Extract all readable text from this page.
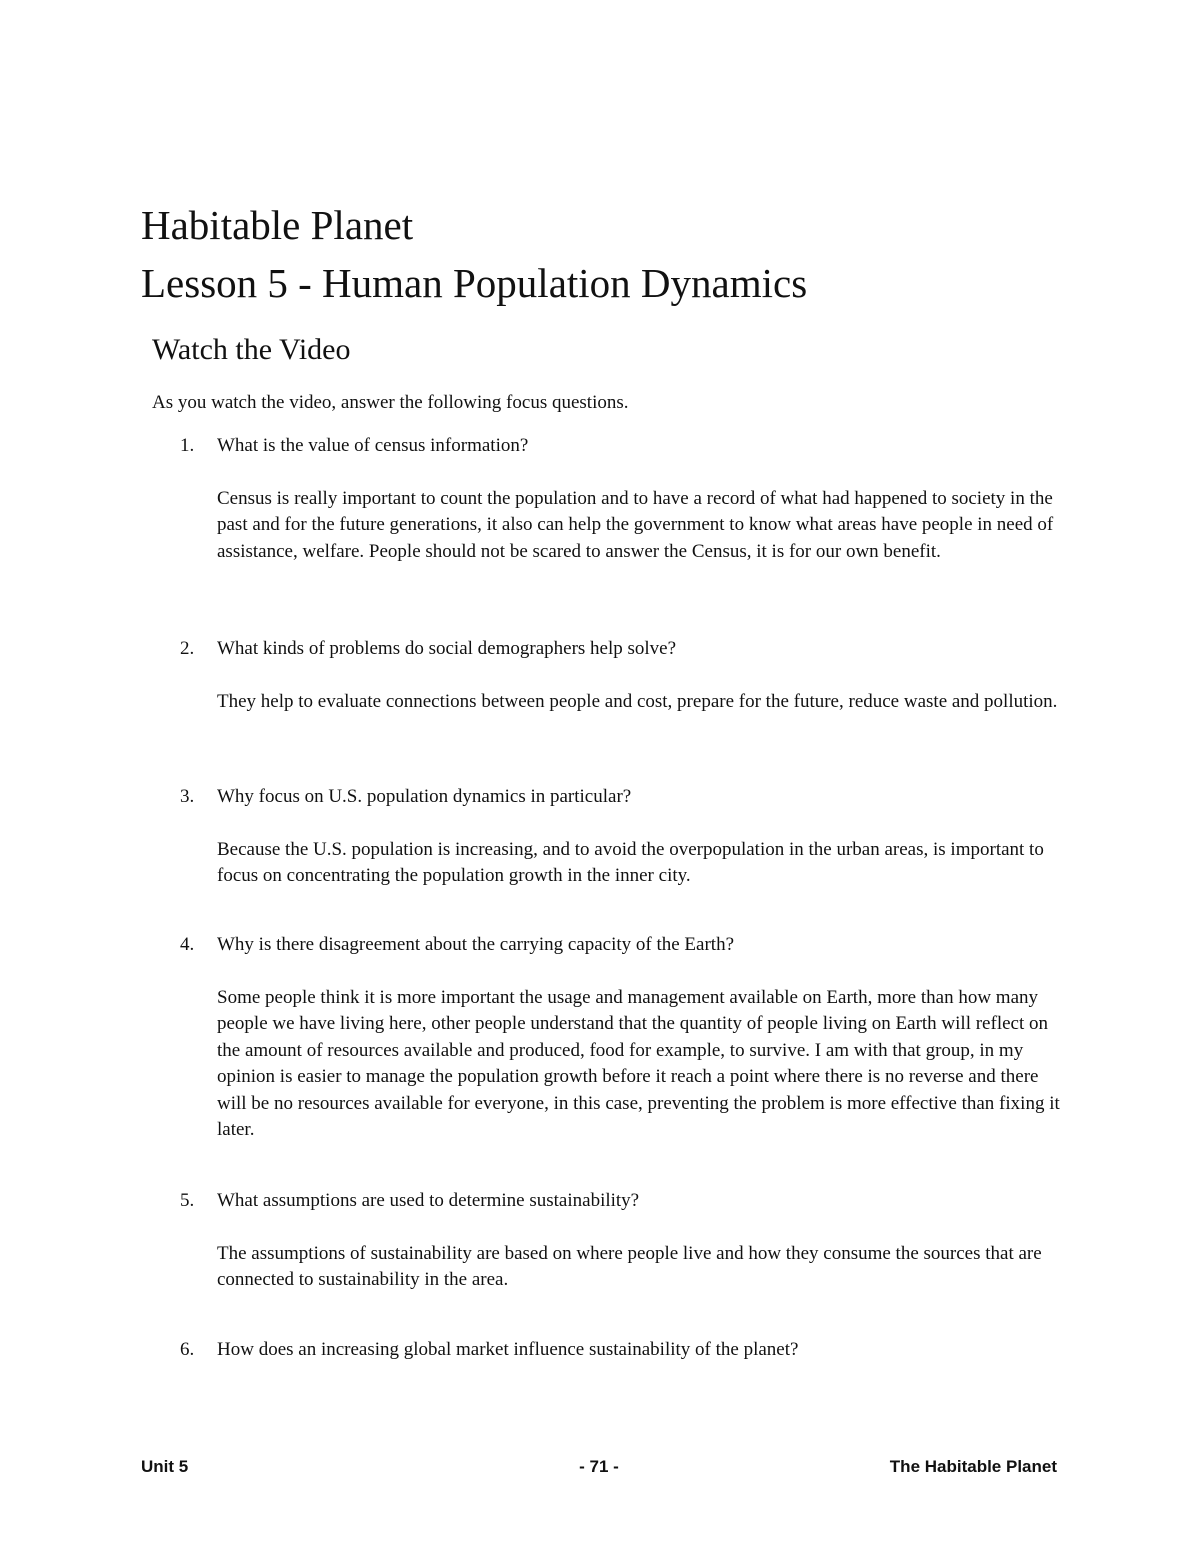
Habitable Planet
Lesson 5 - Human Population Dynamics
Watch the Video
As you watch the video, answer the following focus questions.
1. What is the value of census information?
Census is really important to count the population and to have a record of what had happened to society in the past and for the future generations, it also can help the government to know what areas have people in need of assistance, welfare. People should not be scared to answer the Census, it is for our own benefit.
2. What kinds of problems do social demographers help solve?
They help to evaluate connections between people and cost, prepare for the future, reduce waste and pollution.
3. Why focus on U.S. population dynamics in particular?
Because the U.S. population is increasing, and to avoid the overpopulation in the urban areas, is important to focus on concentrating the population growth in the inner city.
4. Why is there disagreement about the carrying capacity of the Earth?
Some people think it is more important the usage and management available on Earth, more than how many people we have living here, other people understand that the quantity of people living on Earth will reflect on the amount of resources available and produced, food for example, to survive. I am with that group, in my opinion is easier to manage the population growth before it reach a point where there is no reverse and there will be no resources available for everyone, in this case, preventing the problem is more effective than fixing it later.
5. What assumptions are used to determine sustainability?
The assumptions of sustainability are based on where people live and how they consume the sources that are connected to sustainability in the area.
6. How does an increasing global market influence sustainability of the planet?
Unit 5	- 71 -	The Habitable Planet
